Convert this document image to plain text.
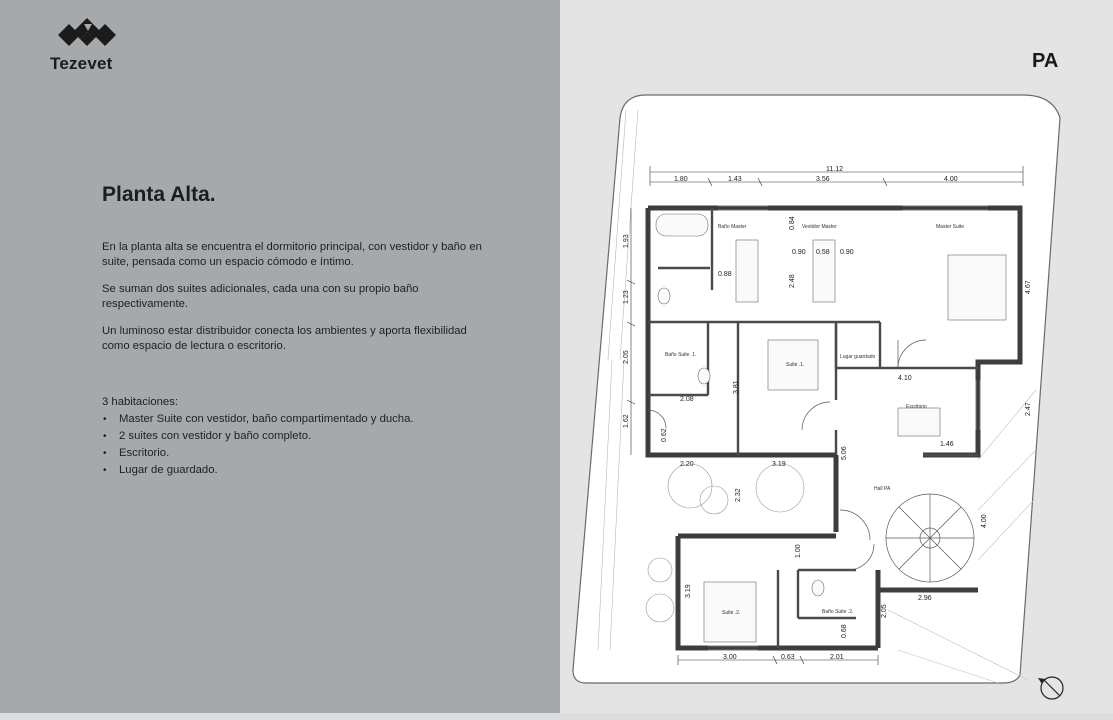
Tezevet
Planta Alta.

En la planta alta se encuentra el dormitorio principal, con vestidor y baño en suite, pensada como un espacio cómodo e íntimo.

Se suman dos suites adicionales, cada una con su propio baño respectivamente.

Un luminoso estar distribuidor conecta los ambientes y aporta flexibilidad como espacio de lectura o escritorio.

3 habitaciones:
• Master Suite con vestidor, baño compartimentado y ducha.
• 2 suites con vestidor y baño completo.
• Escritorio.
• Lugar de guardado.
PA
11.12
1.80	1.43	3.56	4.00
1.93
1.23
2.05
1.62
Baño Master	Vestidor Master	Master Suite
Baño Suite .1.
Suite .1.
Lugar guardado
Escritorio
Hall PA
Suite .2.	Baño Suite .2.
0.84
0.88
0.90 0.58 0.90
2.48	4.67
4.10
2.47
2.08
3.81
0.62
1.46
2.20	3.19
5.06
2.32
4.00
1.00
3.19
2.96
2.05
0.68
3.00	0.63	2.01
